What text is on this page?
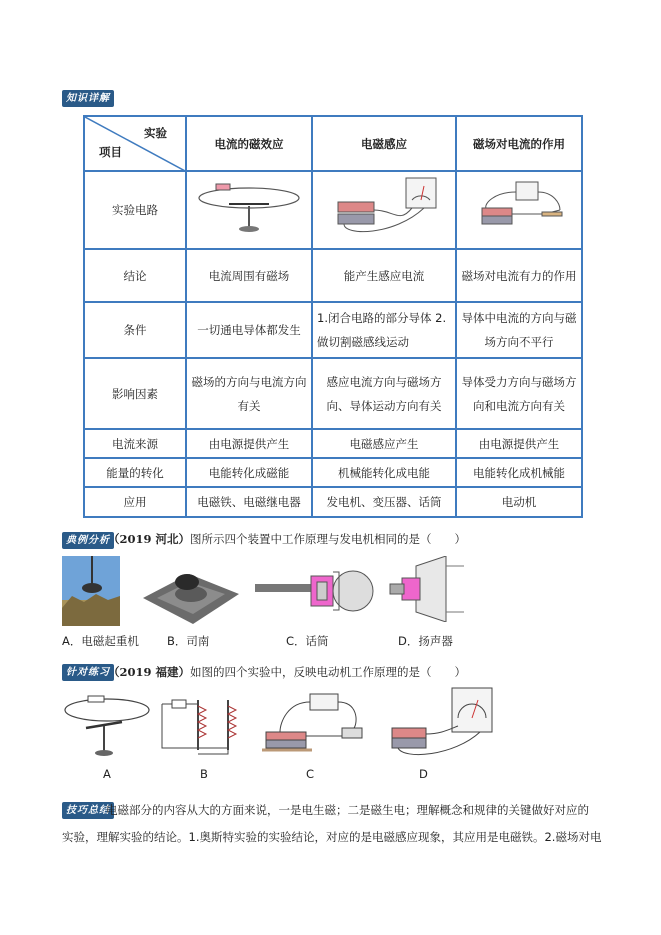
知识详解
实验
项目	电流的磁效应	电磁感应	磁场对电流的作用
实验电路			
结论	电流周围有磁场	能产生感应电流	磁场对电流有力的作用
条件	一切通电导体都发生	1.闭合电路的部分导体 2.做切割磁感线运动	导体中电流的方向与磁场方向不平行
影响因素	磁场的方向与电流方向有关	感应电流方向与磁场方向、导体运动方向有关	导体受力方向与磁场方向和电流方向有关
电流来源	由电源提供产生	电磁感应产生	由电源提供产生
能量的转化	电能转化成磁能	机械能转化成电能	电能转化成机械能
应用	电磁铁、电磁继电器	发电机、变压器、话筒	电动机
典例分析
（2019 河北）图所示四个装置中工作原理与发电机相同的是（　　）
A．电磁起重机 B．司南	C．话筒	D．扬声器
针对练习
（2019 福建）如图的四个实验中，反映电动机工作原理的是（　　）
A	B	C	D
技巧总结
电磁部分的内容从大的方面来说，一是电生磁；二是磁生电；理解概念和规律的关键做好对应的
实验，理解实验的结论。1.奥斯特实验的实验结论，对应的是电磁感应现象，其应用是电磁铁。2.磁场对电
